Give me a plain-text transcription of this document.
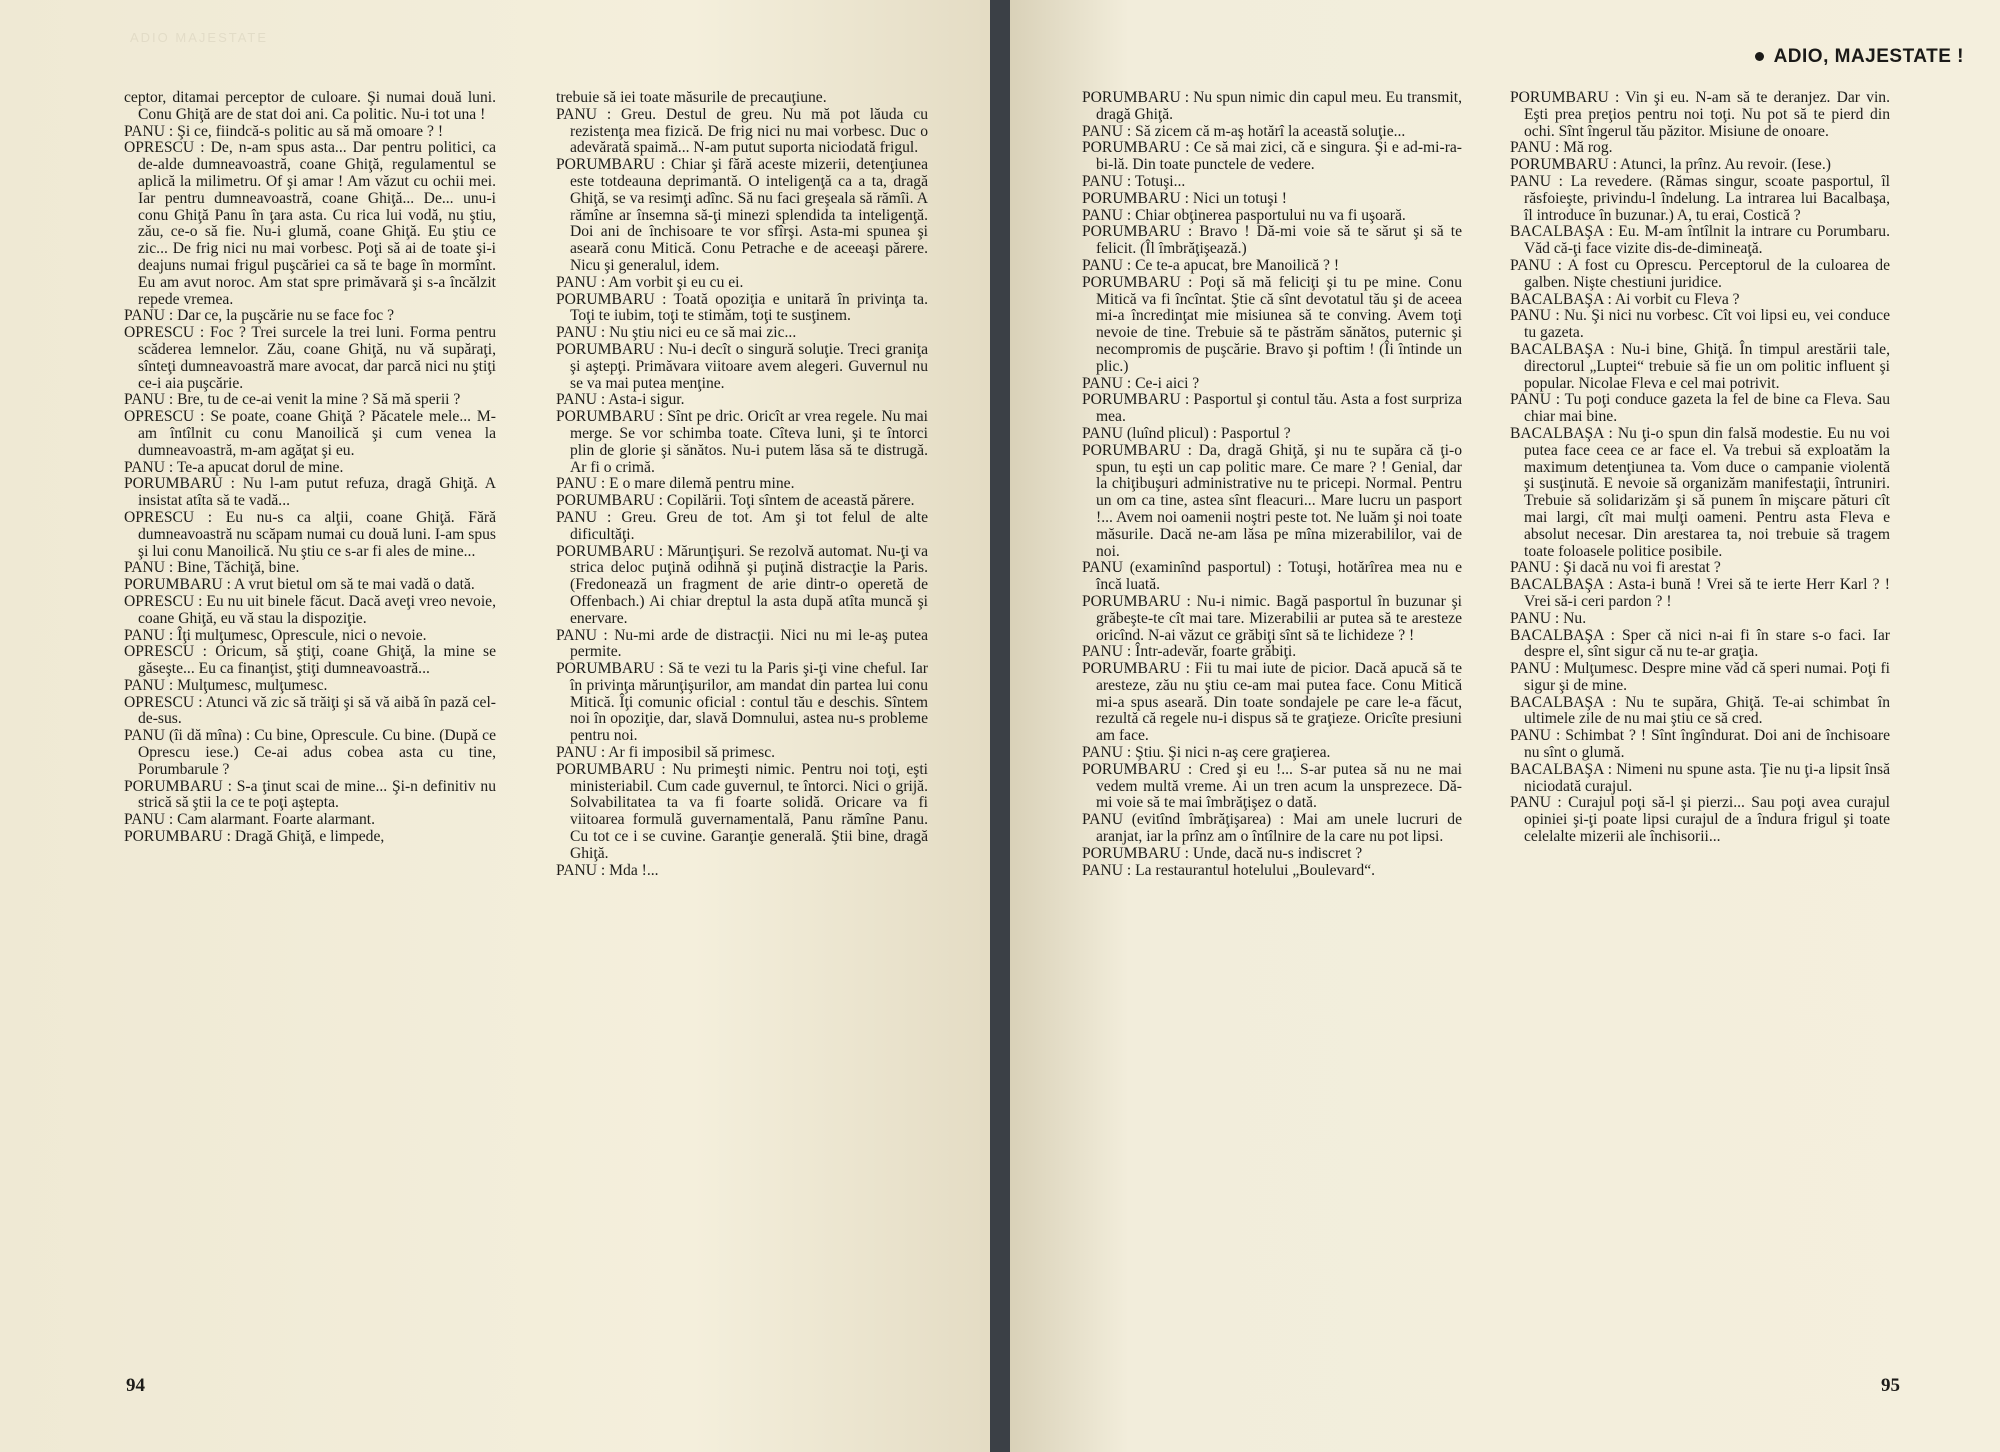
ADIO MAJESTATE

ceptor, ditamai perceptor de culoare. Şi numai două luni. Conu Ghiţă are de stat doi ani. Ca politic. Nu-i tot una !

PANU : Şi ce, fiindcă-s politic au să mă omoare ? !

OPRESCU : De, n-am spus asta... Dar pentru politici, ca de-alde dumneavoastră, coane Ghiţă, regulamentul se aplică la milimetru. Of şi amar ! Am văzut cu ochii mei. Iar pentru dumneavoastră, coane Ghiţă... De... unu-i conu Ghiţă Panu în ţara asta. Cu rica lui vodă, nu ştiu, zău, ce-o să fie. Nu-i glumă, coane Ghiţă. Eu ştiu ce zic... De frig nici nu mai vorbesc. Poţi să ai de toate şi-i deajuns numai frigul puşcăriei ca să te bage în mormînt. Eu am avut noroc. Am stat spre primăvară şi s-a încălzit repede vremea.

PANU : Dar ce, la puşcărie nu se face foc ?

OPRESCU : Foc ? Trei surcele la trei luni. Forma pentru scăderea lemnelor. Zău, coane Ghiţă, nu vă supăraţi, sînteţi dumneavoastră mare avocat, dar parcă nici nu ştiţi ce-i aia puşcărie.

PANU : Bre, tu de ce-ai venit la mine ? Să mă sperii ?

OPRESCU : Se poate, coane Ghiţă ? Păcatele mele... M-am întîlnit cu conu Manoilică şi cum venea la dumneavoastră, m-am agăţat şi eu.

PANU : Te-a apucat dorul de mine.

PORUMBARU : Nu l-am putut refuza, dragă Ghiţă. A insistat atîta să te vadă...

OPRESCU : Eu nu-s ca alţii, coane Ghiţă. Fără dumneavoastră nu scăpam numai cu două luni. I-am spus şi lui conu Manoilică. Nu ştiu ce s-ar fi ales de mine...

PANU : Bine, Tăchiţă, bine.

PORUMBARU : A vrut bietul om să te mai vadă o dată.

OPRESCU : Eu nu uit binele făcut. Dacă aveţi vreo nevoie, coane Ghiţă, eu vă stau la dispoziţie.

PANU : Îţi mulţumesc, Oprescule, nici o nevoie.

OPRESCU : Oricum, să ştiţi, coane Ghiţă, la mine se găseşte... Eu ca finanţist, ştiţi dumneavoastră...

PANU : Mulţumesc, mulţumesc.

OPRESCU : Atunci vă zic să trăiţi şi să vă aibă în pază cel-de-sus.

PANU (îi dă mîna) : Cu bine, Oprescule. Cu bine. (După ce Oprescu iese.) Ce-ai adus cobea asta cu tine, Porumbarule ?

PORUMBARU : S-a ţinut scai de mine... Şi-n definitiv nu strică să ştii la ce te poţi aştepta.

PANU : Cam alarmant. Foarte alarmant.

PORUMBARU : Dragă Ghiţă, e limpede,

trebuie să iei toate măsurile de precauţiune.

PANU : Greu. Destul de greu. Nu mă pot lăuda cu rezistenţa mea fizică. De frig nici nu mai vorbesc. Duc o adevărată spaimă... N-am putut suporta niciodată frigul.

PORUMBARU : Chiar şi fără aceste mizerii, detenţiunea este totdeauna deprimantă. O inteligenţă ca a ta, dragă Ghiţă, se va resimţi adînc. Să nu faci greşeala să rămîi. A rămîne ar însemna să-ţi minezi splendida ta inteligenţă. Doi ani de închisoare te vor sfîrşi. Asta-mi spunea şi aseară conu Mitică. Conu Petrache e de aceeaşi părere. Nicu şi generalul, idem.

PANU : Am vorbit şi eu cu ei.

PORUMBARU : Toată opoziţia e unitară în privinţa ta. Toţi te iubim, toţi te stimăm, toţi te susţinem.

PANU : Nu ştiu nici eu ce să mai zic...

PORUMBARU : Nu-i decît o singură soluţie. Treci graniţa şi aştepţi. Primăvara viitoare avem alegeri. Guvernul nu se va mai putea menţine.

PANU : Asta-i sigur.

PORUMBARU : Sînt pe dric. Oricît ar vrea regele. Nu mai merge. Se vor schimba toate. Cîteva luni, şi te întorci plin de glorie şi sănătos. Nu-i putem lăsa să te distrugă. Ar fi o crimă.

PANU : E o mare dilemă pentru mine.

PORUMBARU : Copilării. Toţi sîntem de această părere.

PANU : Greu. Greu de tot. Am şi tot felul de alte dificultăţi.

PORUMBARU : Mărunţişuri. Se rezolvă automat. Nu-ţi va strica deloc puţină odihnă şi puţină distracţie la Paris. (Fredonează un fragment de arie dintr-o operetă de Offenbach.) Ai chiar dreptul la asta după atîta muncă şi enervare.

PANU : Nu-mi arde de distracţii. Nici nu mi le-aş putea permite.

PORUMBARU : Să te vezi tu la Paris şi-ţi vine cheful. Iar în privinţa mărunţişurilor, am mandat din partea lui conu Mitică. Îţi comunic oficial : contul tău e deschis. Sîntem noi în opoziţie, dar, slavă Domnului, astea nu-s probleme pentru noi.

PANU : Ar fi imposibil să primesc.

PORUMBARU : Nu primeşti nimic. Pentru noi toţi, eşti ministeriabil. Cum cade guvernul, te întorci. Nici o grijă. Solvabilitatea ta va fi foarte solidă. Oricare va fi viitoarea formulă guvernamentală, Panu rămîne Panu. Cu tot ce i se cuvine. Garanţie generală. Ştii bine, dragă Ghiţă.

PANU : Mda !...

94
ADIO, MAJESTATE !

PORUMBARU : Nu spun nimic din capul meu. Eu transmit, dragă Ghiţă.

PANU : Să zicem că m-aş hotărî la această soluţie...

PORUMBARU : Ce să mai zici, că e singura. Şi e ad-mi-ra-bi-lă. Din toate punctele de vedere.

PANU : Totuşi...

PORUMBARU : Nici un totuşi !

PANU : Chiar obţinerea pasportului nu va fi uşoară.

PORUMBARU : Bravo ! Dă-mi voie să te sărut şi să te felicit. (Îl îmbrăţişează.)

PANU : Ce te-a apucat, bre Manoilică ? !

PORUMBARU : Poţi să mă feliciţi şi tu pe mine. Conu Mitică va fi încîntat. Ştie că sînt devotatul tău şi de aceea mi-a încredinţat mie misiunea să te conving. Avem toţi nevoie de tine. Trebuie să te păstrăm sănătos, puternic şi necompromis de puşcărie. Bravo şi poftim ! (Îi întinde un plic.)

PANU : Ce-i aici ?

PORUMBARU : Pasportul şi contul tău. Asta a fost surpriza mea.

PANU (luînd plicul) : Pasportul ?

PORUMBARU : Da, dragă Ghiţă, şi nu te supăra că ţi-o spun, tu eşti un cap politic mare. Ce mare ? ! Genial, dar la chiţibuşuri administrative nu te pricepi. Normal. Pentru un om ca tine, astea sînt fleacuri... Mare lucru un pasport !... Avem noi oamenii noştri peste tot. Ne luăm şi noi toate măsurile. Dacă ne-am lăsa pe mîna mizerabililor, vai de noi.

PANU (examinînd pasportul) : Totuşi, hotărîrea mea nu e încă luată.

PORUMBARU : Nu-i nimic. Bagă pasportul în buzunar şi grăbeşte-te cît mai tare. Mizerabilii ar putea să te aresteze oricînd. N-ai văzut ce grăbiţi sînt să te lichideze ? !

PANU : Într-adevăr, foarte grăbiţi.

PORUMBARU : Fii tu mai iute de picior. Dacă apucă să te aresteze, zău nu ştiu ce-am mai putea face. Conu Mitică mi-a spus aseară. Din toate sondajele pe care le-a făcut, rezultă că regele nu-i dispus să te graţieze. Oricîte presiuni am face.

PANU : Ştiu. Şi nici n-aş cere graţierea.

PORUMBARU : Cred şi eu !... S-ar putea să nu ne mai vedem multă vreme. Ai un tren acum la unsprezece. Dă-mi voie să te mai îmbrăţişez o dată.

PANU (evitînd îmbrăţişarea) : Mai am unele lucruri de aranjat, iar la prînz am o întîlnire de la care nu pot lipsi.

PORUMBARU : Unde, dacă nu-s indiscret ?

PANU : La restaurantul hotelului „Boulevard“.

PORUMBARU : Vin şi eu. N-am să te deranjez. Dar vin. Eşti prea preţios pentru noi toţi. Nu pot să te pierd din ochi. Sînt îngerul tău păzitor. Misiune de onoare.

PANU : Mă rog.

PORUMBARU : Atunci, la prînz. Au revoir. (Iese.)

PANU : La revedere. (Rămas singur, scoate pasportul, îl răsfoieşte, privindu-l îndelung. La intrarea lui Bacalbaşa, îl introduce în buzunar.) A, tu erai, Costică ?

BACALBAŞA : Eu. M-am întîlnit la intrare cu Porumbaru. Văd că-ţi face vizite dis-de-dimineaţă.

PANU : A fost cu Oprescu. Perceptorul de la culoarea de galben. Nişte chestiuni juridice.

BACALBAŞA : Ai vorbit cu Fleva ?

PANU : Nu. Şi nici nu vorbesc. Cît voi lipsi eu, vei conduce tu gazeta.

BACALBAŞA : Nu-i bine, Ghiţă. În timpul arestării tale, directorul „Luptei“ trebuie să fie un om politic influent şi popular. Nicolae Fleva e cel mai potrivit.

PANU : Tu poţi conduce gazeta la fel de bine ca Fleva. Sau chiar mai bine.

BACALBAŞA : Nu ţi-o spun din falsă modestie. Eu nu voi putea face ceea ce ar face el. Va trebui să exploatăm la maximum detenţiunea ta. Vom duce o campanie violentă şi susţinută. E nevoie să organizăm manifestaţii, întruniri. Trebuie să solidarizăm şi să punem în mişcare pături cît mai largi, cît mai mulţi oameni. Pentru asta Fleva e absolut necesar. Din arestarea ta, noi trebuie să tragem toate foloasele politice posibile.

PANU : Şi dacă nu voi fi arestat ?

BACALBAŞA : Asta-i bună ! Vrei să te ierte Herr Karl ? ! Vrei să-i ceri pardon ? !

PANU : Nu.

BACALBAŞA : Sper că nici n-ai fi în stare s-o faci. Iar despre el, sînt sigur că nu te-ar graţia.

PANU : Mulţumesc. Despre mine văd că speri numai. Poţi fi sigur şi de mine.

BACALBAŞA : Nu te supăra, Ghiţă. Te-ai schimbat în ultimele zile de nu mai ştiu ce să cred.

PANU : Schimbat ? ! Sînt îngîndurat. Doi ani de închisoare nu sînt o glumă.

BACALBAŞA : Nimeni nu spune asta. Ţie nu ţi-a lipsit însă niciodată curajul.

PANU : Curajul poţi să-l şi pierzi... Sau poţi avea curajul opiniei şi-ţi poate lipsi curajul de a îndura frigul şi toate celelalte mizerii ale închisorii...

95
